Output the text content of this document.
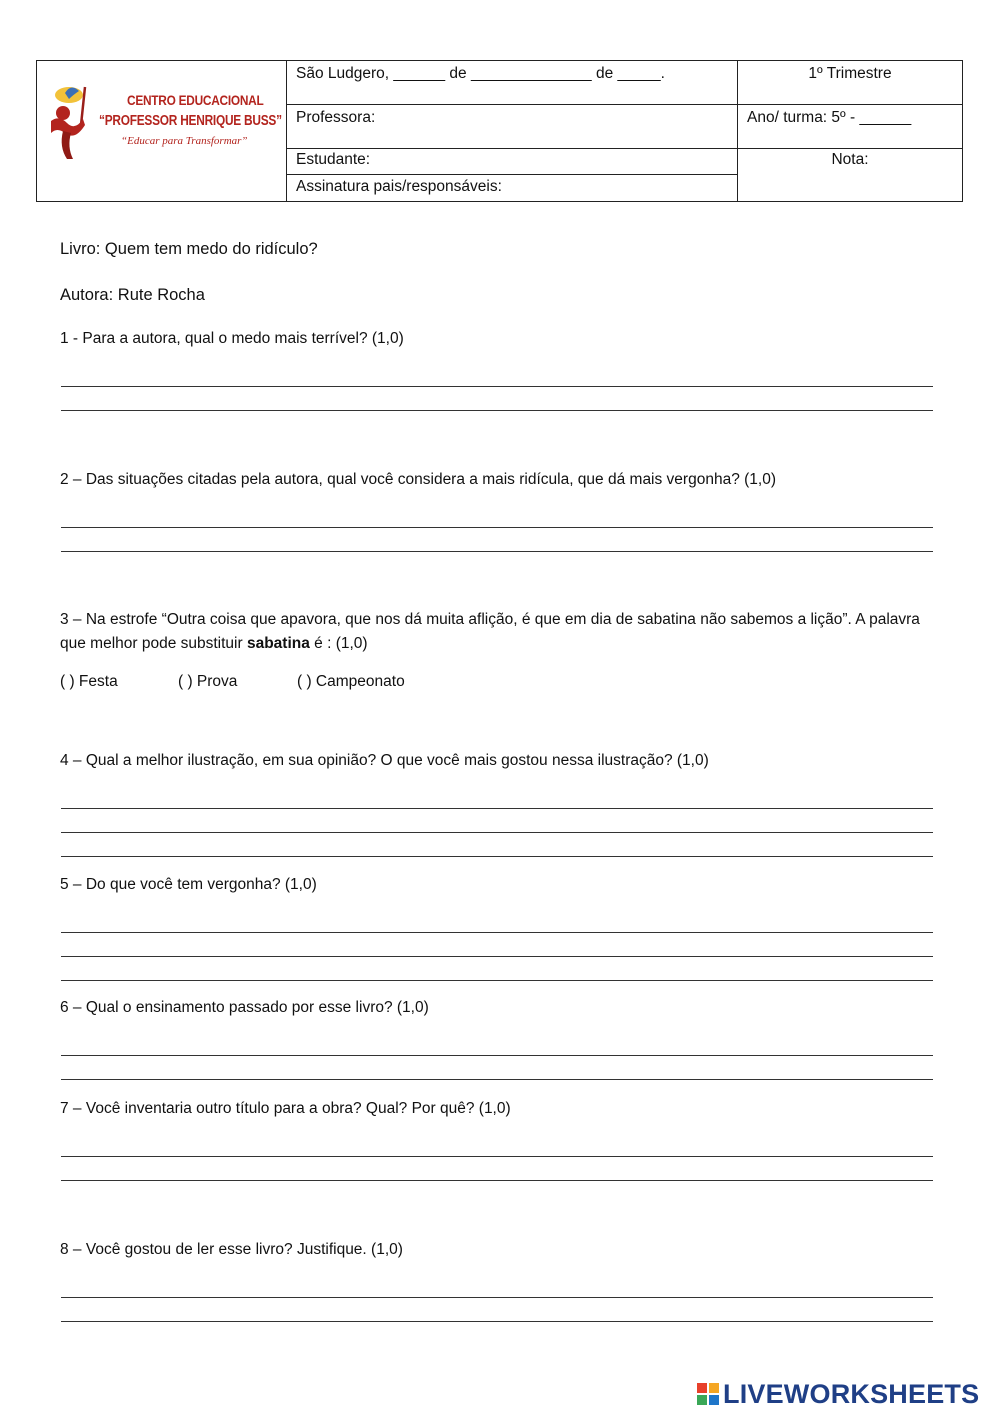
CENTRO EDUCACIONAL
“PROFESSOR HENRIQUE BUSS”
“Educar para Transformar”
São Ludgero, ______ de ______________ de _____.	1º Trimestre
Professora:	Ano/ turma: 5º - ______
Estudante:	Nota:
Assinatura pais/responsáveis:
Livro: Quem tem medo do ridículo?
Autora: Rute Rocha
1 - Para a autora, qual o medo mais terrível? (1,0)
2 – Das situações citadas pela autora, qual você considera a mais ridícula, que dá mais vergonha? (1,0)
3 – Na estrofe “Outra coisa que apavora, que nos dá muita aflição, é que em dia de sabatina não sabemos a lição”. A palavra que melhor pode substituir sabatina é : (1,0)
( ) Festa	( ) Prova	( ) Campeonato
4 – Qual a melhor ilustração, em sua opinião? O que você mais gostou nessa ilustração? (1,0)
5 – Do que você tem vergonha? (1,0)
6 – Qual o ensinamento passado por esse livro? (1,0)
7 – Você inventaria outro título para a obra? Qual? Por quê? (1,0)
8 – Você gostou de ler esse livro? Justifique. (1,0)
LIVEWORKSHEETS
